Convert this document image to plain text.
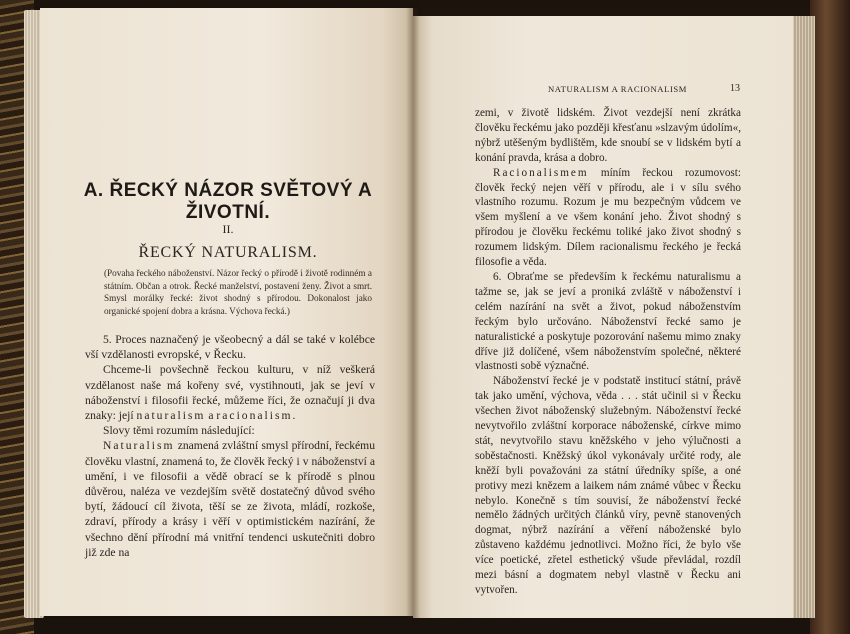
A. ŘECKÝ NÁZOR SVĚTOVÝ A ŽIVOTNÍ.
II.
ŘECKÝ NATURALISM.
(Povaha řeckého náboženství. Názor řecký o přírodě i životě rodinném a státním. Občan a otrok. Řecké manželství, postavení ženy. Život a smrt. Smysl morálky řecké: život shodný s přírodou. Dokonalost jako organické spojení dobra a krásna. Výchova řecká.)

5. Proces naznačený je všeobecný a dál se také v kolébce vší vzdělanosti evropské, v Řecku.

Chceme-li povšechně řeckou kulturu, v níž veškerá vzdělanost naše má kořeny své, vystihnouti, jak se jeví v náboženství i filosofii řecké, můžeme říci, že označují ji dva znaky: její naturalism a racionalism.

Slovy těmi rozumím následující:

Naturalism znamená zvláštní smysl přírodní, řeckému člověku vlastní, znamená to, že člověk řecký i v náboženství a umění, i ve filosofii a vědě obrací se k přírodě s plnou důvěrou, naléza ve vezdejším světě dostatečný důvod svého bytí, žádoucí cíl života, těší se ze života, mládí, rozkoše, zdraví, přírody a krásy i věří v optimistickém nazírání, že všechno dění přírodní má vnitřní tendenci uskutečniti dobro již zde na

NATURALISM A RACIONALISM	13

zemi, v životě lidském. Život vezdejší není zkrátka člověku řeckému jako později křesťanu »slzavým údolím«, nýbrž utěšeným bydlištěm, kde snoubí se v lidském bytí a konání pravda, krása a dobro.

Racionalismem míním řeckou rozumovost: člověk řecký nejen věří v přírodu, ale i v sílu svého vlastního rozumu. Rozum je mu bezpečným vůdcem ve všem myšlení a ve všem konání jeho. Život shodný s přírodou je člověku řeckému toliké jako život shodný s rozumem lidským. Dílem racionalismu řeckého je řecká filosofie a věda.

6. Obraťme se především k řeckému naturalismu a tažme se, jak se jeví a proniká zvláště v náboženství i celém nazírání na svět a život, pokud náboženstvím řeckým bylo určováno. Náboženství řecké samo je naturalistické a poskytuje pozorování našemu mimo znaky dříve již dolíčené, všem náboženstvím společné, některé vlastnosti sobě význačné.

Náboženství řecké je v podstatě institucí státní, právě tak jako umění, výchova, věda . . . stát učinil si v Řecku všechen život náboženský služebným. Náboženství řecké nevytvořilo zvláštní korporace náboženské, církve mimo stát, nevytvořilo stavu kněžského v jeho výlučnosti a soběstačnosti. Kněžský úkol vykonávaly určité rody, ale kněží byli považováni za státní úředníky spíše, a oné protivy mezi knězem a laikem nám známé vůbec v Řecku nebylo. Konečně s tím souvisí, že náboženství řecké nemělo žádných určitých článků víry, pevně stanovených dogmat, nýbrž nazírání a věření náboženské bylo zůstaveno každému jednotlivci. Možno říci, že bylo vše více poetické, zřetel esthetický všude převládal, rozdíl mezi básní a dogmatem nebyl vlastně v Řecku ani vytvořen.
